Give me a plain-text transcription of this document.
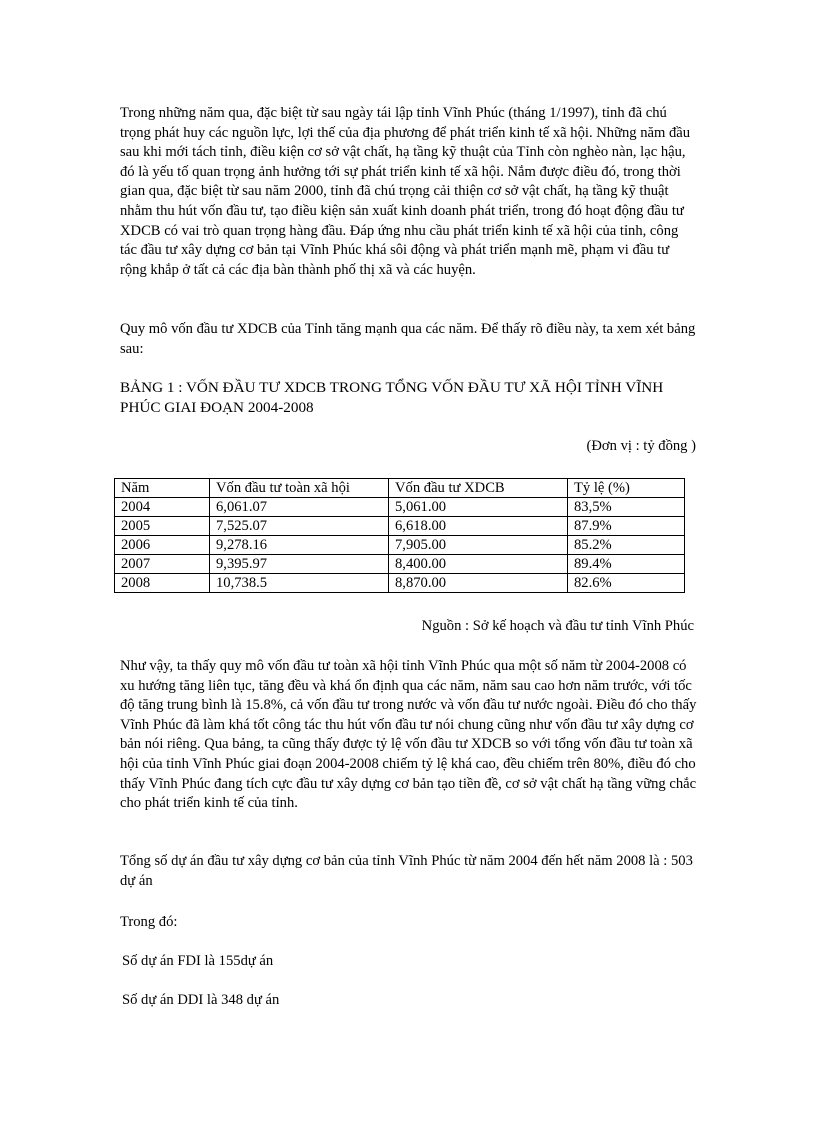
Trong những năm qua, đặc biệt từ sau ngày tái lập tỉnh Vĩnh Phúc (tháng 1/1997), tỉnh đã chú trọng phát huy các nguồn lực, lợi thế của địa phương để phát triển kinh tế xã hội. Những năm đầu sau khi mới tách tỉnh, điều kiện cơ sở vật chất, hạ tầng kỹ thuật của Tỉnh còn nghèo nàn, lạc hậu, đó là yếu tố quan trọng ảnh hưởng tới sự phát triển kinh tế xã hội. Nắm được điều đó, trong thời gian qua, đặc biệt từ sau năm 2000, tỉnh đã chú trọng cải thiện cơ sở vật chất, hạ tầng kỹ thuật nhằm thu hút vốn đầu tư, tạo điều kiện sản xuất kinh doanh phát triển, trong đó hoạt động đầu tư XDCB có vai trò quan trọng hàng đầu. Đáp ứng nhu cầu phát triển kinh tế xã hội của tỉnh, công tác đầu tư xây dựng cơ bản tại Vĩnh Phúc khá sôi động và phát triển mạnh mẽ, phạm vi đầu tư rộng khắp ở tất cả các địa bàn thành phố thị xã và các huyện.

Quy mô vốn đầu tư XDCB của Tỉnh tăng mạnh qua các năm. Để thấy rõ điều này, ta xem xét bảng sau:

BẢNG 1 : VỐN ĐẦU TƯ XDCB TRONG TỔNG VỐN ĐẦU TƯ XÃ HỘI TỈNH VĨNH PHÚC GIAI ĐOẠN 2004-2008

(Đơn vị : tỷ đồng )
Năm	Vốn đầu tư toàn xã hội	Vốn đầu tư XDCB	Tỷ lệ (%)
2004	6,061.07	5,061.00	83,5%
2005	7,525.07	6,618.00	87.9%
2006	9,278.16	7,905.00	85.2%
2007	9,395.97	8,400.00	89.4%
2008	10,738.5	8,870.00	82.6%
Nguồn : Sở kế hoạch và đầu tư tỉnh Vĩnh Phúc

Như vậy, ta thấy quy mô vốn đầu tư toàn xã hội tỉnh Vĩnh Phúc qua một số năm từ 2004-2008 có xu hướng tăng liên tục, tăng đều và khá ổn định qua các năm, năm sau cao hơn năm trước, với tốc độ tăng trung bình là 15.8%, cả vốn đầu tư trong nước và vốn đầu tư nước ngoài. Điều đó cho thấy Vĩnh Phúc đã làm khá tốt công tác thu hút vốn đầu tư nói chung cũng như vốn đầu tư xây dựng cơ bản nói riêng. Qua bảng, ta cũng thấy được tỷ lệ vốn đầu tư XDCB so với tổng vốn đầu tư toàn xã hội của tỉnh Vĩnh Phúc giai đoạn 2004-2008 chiếm tỷ lệ khá cao, đều chiếm trên 80%, điều đó cho thấy Vĩnh Phúc đang tích cực đầu tư xây dựng cơ bản tạo tiền đề, cơ sở vật chất hạ tầng vững chắc cho phát triển kinh tế của tỉnh.

Tổng số dự án đầu tư xây dựng cơ bản của tỉnh Vĩnh Phúc từ năm 2004 đến hết năm 2008 là : 503 dự án

Trong đó:
Số dự án FDI là 155dự án
Số dự án DDI là 348 dự án
